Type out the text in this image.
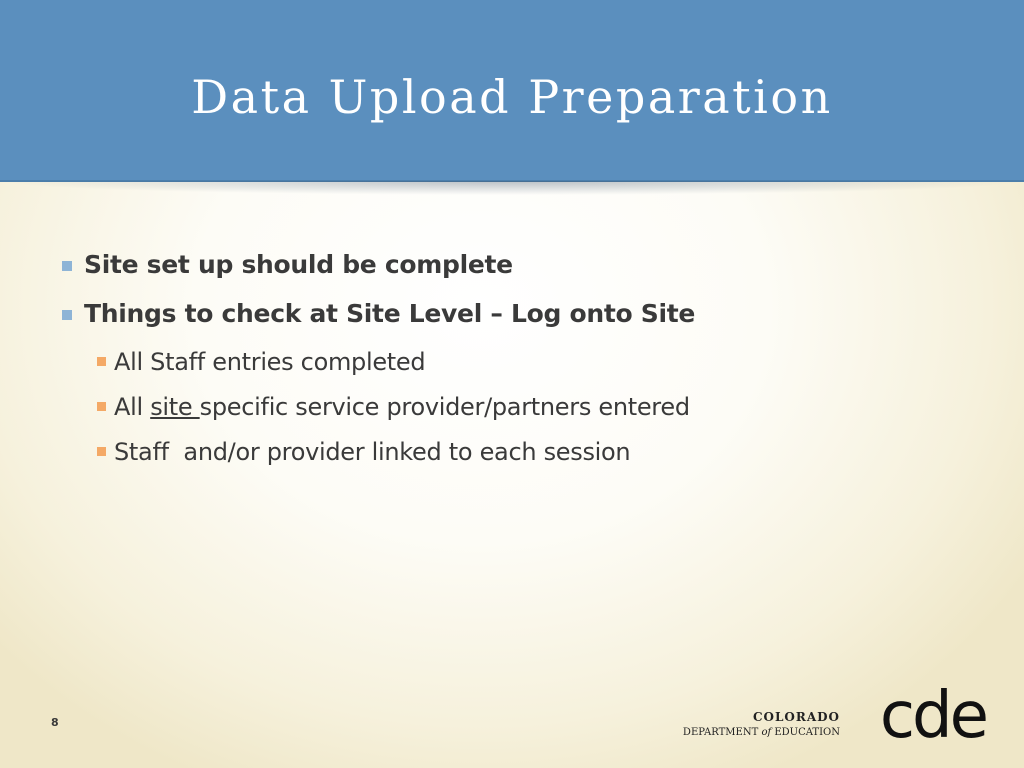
Data Upload Preparation
Site set up should be complete
Things to check at Site Level – Log onto Site
All Staff entries completed
All site specific service provider/partners entered
Staff  and/or provider linked to each session
8	COLORADO
DEPARTMENT of EDUCATION cde
